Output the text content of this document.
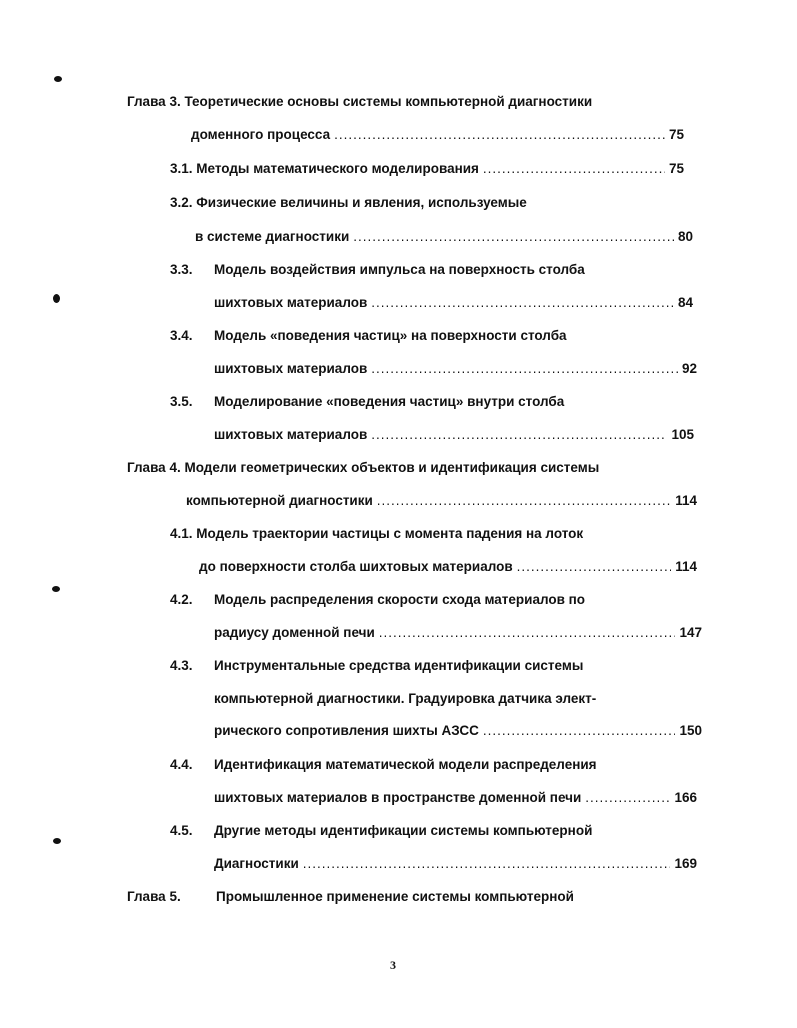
Глава 3. Теоретические основы системы компьютерной диагностики
доменного процесса .....	75
3.1. Методы математического моделирования .....	75
3.2. Физические величины и явления, используемые
в системе диагностики .....	80
3.3.	Модель воздействия импульса на поверхность столба
шихтовых материалов .....	84
3.4.	Модель «поведения частиц» на поверхности столба
шихтовых материалов .....	92
3.5.	Моделирование «поведения частиц» внутри столба
шихтовых материалов .....	105
Глава 4. Модели геометрических объектов и идентификация системы
компьютерной диагностики .....	114
4.1. Модель траектории частицы с момента падения на лоток
до поверхности столба шихтовых материалов .....	114
4.2.	Модель распределения скорости схода материалов по
радиусу доменной печи .....	147
4.3.	Инструментальные средства идентификации системы
компьютерной диагностики. Градуировка датчика элект-
рического сопротивления шихты АЗСС .....	150
4.4.	Идентификация математической модели распределения
шихтовых материалов в пространстве доменной печи .....	166
4.5.	Другие методы идентификации системы компьютерной
Диагностики .....	169
Глава 5.	Промышленное применение системы компьютерной
3
